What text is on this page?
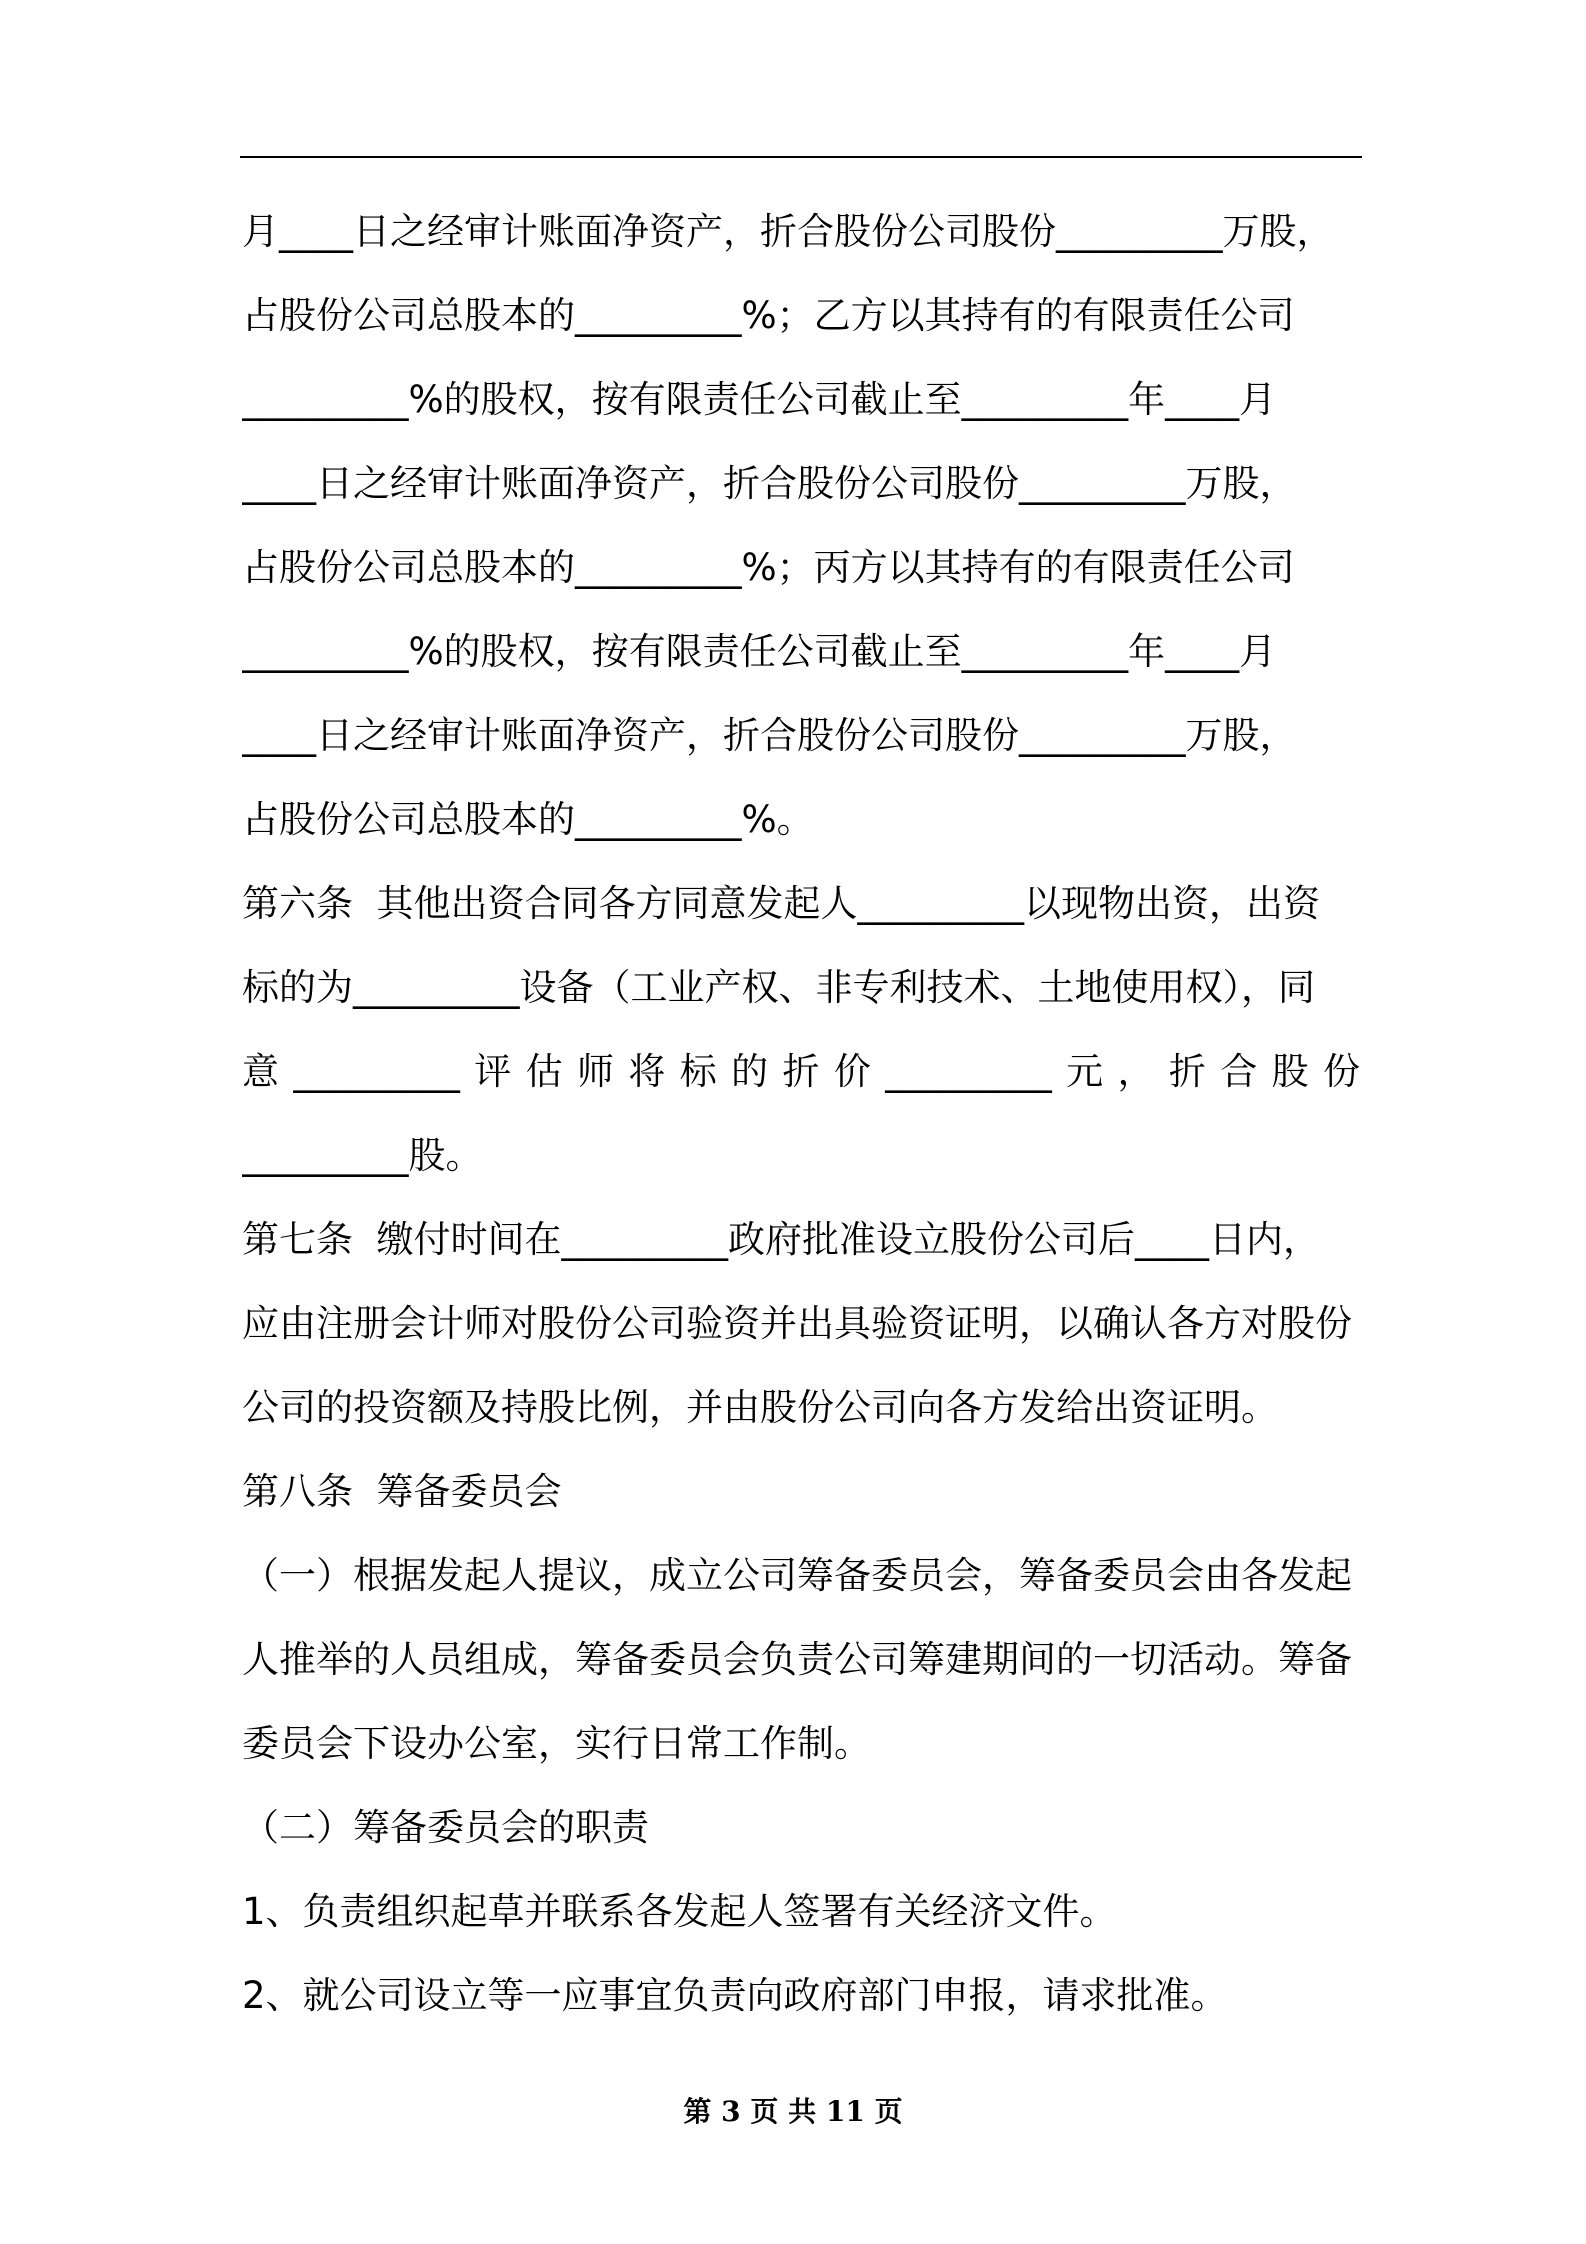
月____日之经审计账面净资产，折合股份公司股份_________万股，
占股份公司总股本的_________%；乙方以其持有的有限责任公司
_________%的股权，按有限责任公司截止至_________年____月
____日之经审计账面净资产，折合股份公司股份_________万股，
占股份公司总股本的_________%；丙方以其持有的有限责任公司
_________%的股权，按有限责任公司截止至_________年____月
____日之经审计账面净资产，折合股份公司股份_________万股，
占股份公司总股本的_________%。
第六条  其他出资合同各方同意发起人_________以现物出资，出资
标的为_________设备（工业产权、非专利技术、土地使用权），同
意 _________ 评 估 师 将 标 的 折 价 _________ 元 ， 折 合 股 份
_________股。
第七条  缴付时间在_________政府批准设立股份公司后____日内，
应由注册会计师对股份公司验资并出具验资证明，以确认各方对股份
公司的投资额及持股比例，并由股份公司向各方发给出资证明。
第八条  筹备委员会
（一）根据发起人提议，成立公司筹备委员会，筹备委员会由各发起
人推举的人员组成，筹备委员会负责公司筹建期间的一切活动。筹备
委员会下设办公室，实行日常工作制。
（二）筹备委员会的职责
1、负责组织起草并联系各发起人签署有关经济文件。
2、就公司设立等一应事宜负责向政府部门申报，请求批准。
第 3 页 共 11 页
